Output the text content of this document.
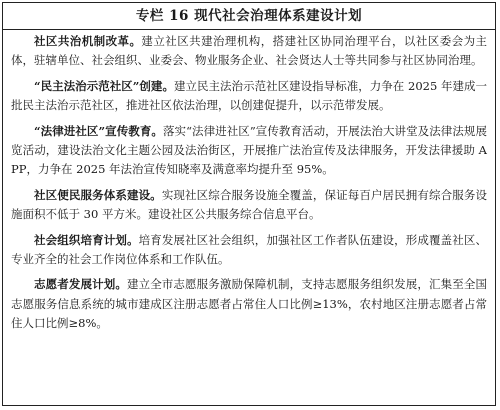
专栏 16 现代社会治理体系建设计划

社区共治机制改革。建立社区共建治理机构，搭建社区协同治理平台，以社区委会为主体，驻辖单位、社会组织、业委会、物业服务企业、社会贤达人士等共同参与社区协同治理。

“民主法治示范社区”创建。建立民主法治示范社区建设指导标准，力争在 2025 年建成一批民主法治示范社区，推进社区依法治理，以创建促提升，以示范带发展。

“法律进社区”宣传教育。落实“法律进社区”宣传教育活动，开展法治大讲堂及法律法规展览活动，建设法治文化主题公园及法治街区，开展推广法治宣传及法律服务，开发法律援助 APP，力争在 2025 年法治宣传知晓率及满意率均提升至 95%。

社区便民服务体系建设。实现社区综合服务设施全覆盖，保证每百户居民拥有综合服务设施面积不低于 30 平方米。建设社区公共服务综合信息平台。

社会组织培育计划。培育发展社区社会组织，加强社区工作者队伍建设，形成覆盖社区、专业齐全的社会工作岗位体系和工作队伍。

志愿者发展计划。建立全市志愿服务激励保障机制，支持志愿服务组织发展，汇集至全国志愿服务信息系统的城市建成区注册志愿者占常住人口比例≥13%，农村地区注册志愿者占常住人口比例≥8%。
